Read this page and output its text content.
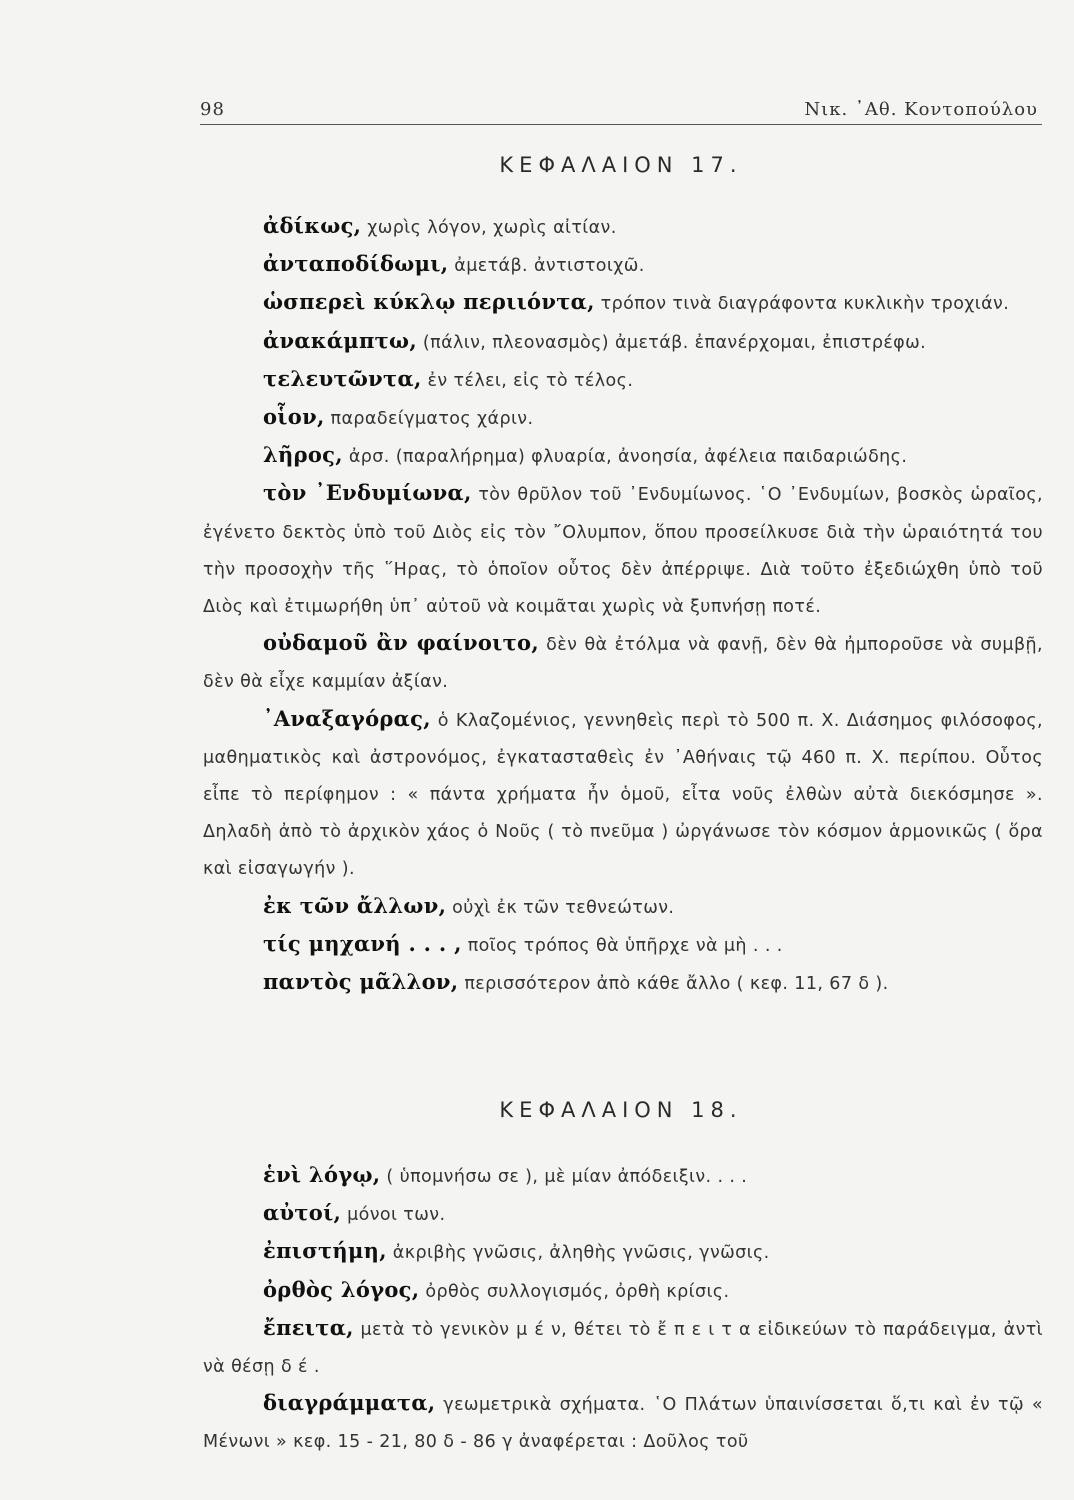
98	Νικ. ᾿Αθ. Κοντοπούλου
ΚΕΦΑΛΑΙΟΝ 17.

ἀδίκως, χωρὶς λόγον, χωρὶς αἰτίαν.

ἀνταποδίδωμι, ἀμετάβ. ἀντιστοιχῶ.

ὡσπερεὶ κύκλῳ περιιόντα, τρόπον τινὰ διαγράφοντα κυκλικὴν τροχιάν.

ἀνακάμπτω, (πάλιν, πλεονασμὸς) ἀμετάβ. ἐπανέρχομαι, ἐπιστρέφω.

τελευτῶντα, ἐν τέλει, εἰς τὸ τέλος.

οἷον, παραδείγματος χάριν.

λῆρος, ἀρσ. (παραλήρημα) φλυαρία, ἀνοησία, ἀφέλεια παιδαριώδης.

τὸν ᾿Ενδυμίωνα, τὸν θρῦλον τοῦ ᾿Ενδυμίωνος. ῾Ο ᾿Ενδυμίων, βοσκὸς ὡραῖος, ἐγένετο δεκτὸς ὑπὸ τοῦ Διὸς εἰς τὸν ῎Ολυμπον, ὅπου προσείλκυσε διὰ τὴν ὡραιότητά του τὴν προσοχὴν τῆς ῞Ηρας, τὸ ὁποῖον οὗτος δὲν ἀπέρριψε. Διὰ τοῦτο ἐξεδιώχθη ὑπὸ τοῦ Διὸς καὶ ἐτιμωρήθη ὑπ᾿ αὐτοῦ νὰ κοιμᾶται χωρὶς νὰ ξυπνήσῃ ποτέ.

οὐδαμοῦ ἂν φαίνοιτο, δὲν θὰ ἐτόλμα νὰ φανῇ, δὲν θὰ ἠμποροῦσε νὰ συμβῇ, δὲν θὰ εἶχε καμμίαν ἀξίαν.

᾿Αναξαγόρας, ὁ Κλαζομένιος, γεννηθεὶς περὶ τὸ 500 π. Χ. Διάσημος φιλόσοφος, μαθηματικὸς καὶ ἀστρονόμος, ἐγκατασταθεὶς ἐν ᾿Αθήναις τῷ 460 π. Χ. περίπου. Οὗτος εἶπε τὸ περίφημον : « πάντα χρήματα ἦν ὁμοῦ, εἶτα νοῦς ἐλθὼν αὐτὰ διεκόσμησε ». Δηλαδὴ ἀπὸ τὸ ἀρχικὸν χάος ὁ Νοῦς ( τὸ πνεῦμα ) ὠργάνωσε τὸν κόσμον ἁρμονικῶς ( ὅρα καὶ εἰσαγωγήν ).

ἐκ τῶν ἄλλων, οὐχὶ ἐκ τῶν τεθνεώτων.

τίς μηχανή . . . , ποῖος τρόπος θὰ ὑπῆρχε νὰ μὴ . . .

παντὸς μᾶλλον, περισσότερον ἀπὸ κάθε ἄλλο ( κεφ. 11, 67 δ ).

ΚΕΦΑΛΑΙΟΝ 18.

ἑνὶ λόγῳ, ( ὑπομνήσω σε ), μὲ μίαν ἀπόδειξιν. . . .

αὐτοί, μόνοι των.

ἐπιστήμη, ἀκριβὴς γνῶσις, ἀληθὴς γνῶσις, γνῶσις.

ὀρθὸς λόγος, ὀρθὸς συλλογισμός, ὀρθὴ κρίσις.

ἔπειτα, μετὰ τὸ γενικὸν μ έ ν, θέτει τὸ ἔ π ε ι τ α εἰδικεύων τὸ παράδειγμα, ἀντὶ νὰ θέσῃ δ έ .

διαγράμματα, γεωμετρικὰ σχήματα. ῾Ο Πλάτων ὑπαινίσσεται ὅ,τι καὶ ἐν τῷ « Μένωνι » κεφ. 15 - 21, 80 δ - 86 γ ἀναφέρεται : Δοῦλος τοῦ
